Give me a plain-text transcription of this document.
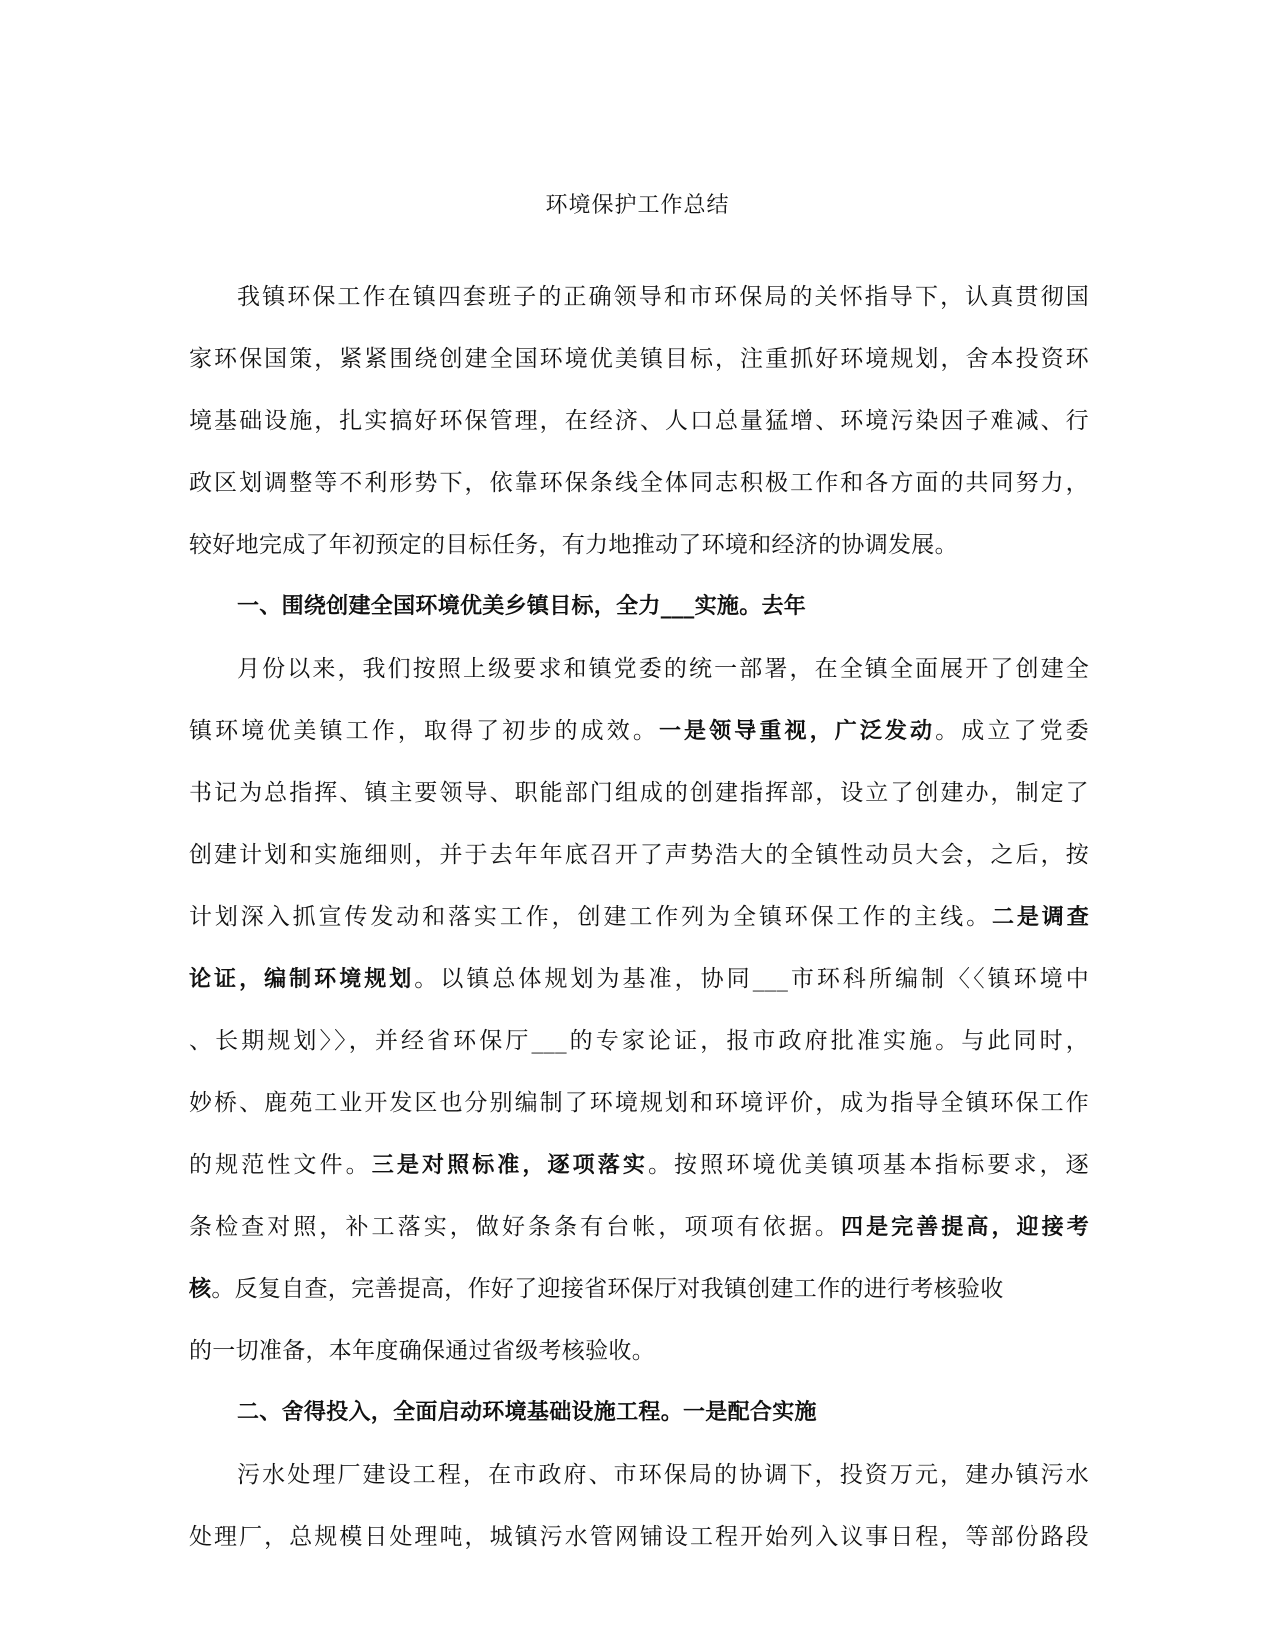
环境保护工作总结
我镇环保工作在镇四套班子的正确领导和市环保局的关怀指导下，认真贯彻国
家环保国策，紧紧围绕创建全国环境优美镇目标，注重抓好环境规划，舍本投资环
境基础设施，扎实搞好环保管理，在经济、人口总量猛增、环境污染因子难减、行
政区划调整等不利形势下，依靠环保条线全体同志积极工作和各方面的共同努力，
较好地完成了年初预定的目标任务，有力地推动了环境和经济的协调发展。
一、围绕创建全国环境优美乡镇目标，全力___实施。去年
月份以来，我们按照上级要求和镇党委的统一部署，在全镇全面展开了创建全
镇环境优美镇工作，取得了初步的成效。一是领导重视，广泛发动。成立了党委
书记为总指挥、镇主要领导、职能部门组成的创建指挥部，设立了创建办，制定了
创建计划和实施细则，并于去年年底召开了声势浩大的全镇性动员大会，之后，按
计划深入抓宣传发动和落实工作，创建工作列为全镇环保工作的主线。二是调查
论证，编制环境规划。以镇总体规划为基准，协同___市环科所编制〈〈镇环境中
、长期规划〉〉，并经省环保厅___的专家论证，报市政府批准实施。与此同时，
妙桥、鹿苑工业开发区也分别编制了环境规划和环境评价，成为指导全镇环保工作
的规范性文件。三是对照标准，逐项落实。按照环境优美镇项基本指标要求，逐
条检查对照，补工落实，做好条条有台帐，项项有依据。四是完善提高，迎接考
核。反复自查，完善提高，作好了迎接省环保厅对我镇创建工作的进行考核验收
的一切准备，本年度确保通过省级考核验收。
二、舍得投入，全面启动环境基础设施工程。一是配合实施
污水处理厂建设工程，在市政府、市环保局的协调下，投资万元，建办镇污水
处理厂，总规模日处理吨，城镇污水管网铺设工程开始列入议事日程，等部份路段
